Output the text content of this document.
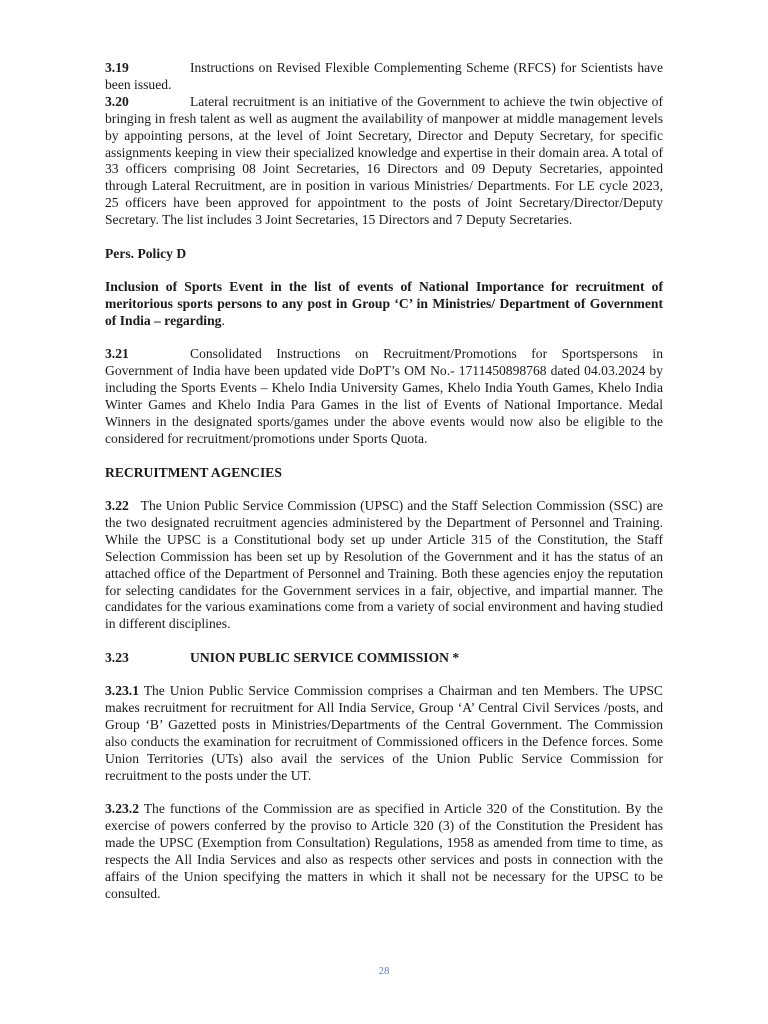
3.19	Instructions on Revised Flexible Complementing Scheme (RFCS) for Scientists have been issued.

3.20	Lateral recruitment is an initiative of the Government to achieve the twin objective of bringing in fresh talent as well as augment the availability of manpower at middle management levels by appointing persons, at the level of Joint Secretary, Director and Deputy Secretary, for specific assignments keeping in view their specialized knowledge and expertise in their domain area. A total of 33 officers comprising 08 Joint Secretaries, 16 Directors and 09 Deputy Secretaries, appointed through Lateral Recruitment, are in position in various Ministries/ Departments. For LE cycle 2023, 25 officers have been approved for appointment to the posts of Joint Secretary/Director/Deputy Secretary. The list includes 3 Joint Secretaries, 15 Directors and 7 Deputy Secretaries.

Pers. Policy D

Inclusion of Sports Event in the list of events of National Importance for recruitment of meritorious sports persons to any post in Group ‘C’ in Ministries/ Department of Government of India – regarding.

3.21	Consolidated Instructions on Recruitment/Promotions for Sportspersons in Government of India have been updated vide DoPT’s OM No.- 1711450898768 dated 04.03.2024 by including the Sports Events – Khelo India University Games, Khelo India Youth Games, Khelo India Winter Games and Khelo India Para Games in the list of Events of National Importance. Medal Winners in the designated sports/games under the above events would now also be eligible to the considered for recruitment/promotions under Sports Quota.

RECRUITMENT AGENCIES

3.22 The Union Public Service Commission (UPSC) and the Staff Selection Commission (SSC) are the two designated recruitment agencies administered by the Department of Personnel and Training. While the UPSC is a Constitutional body set up under Article 315 of the Constitution, the Staff Selection Commission has been set up by Resolution of the Government and it has the status of an attached office of the Department of Personnel and Training. Both these agencies enjoy the reputation for selecting candidates for the Government services in a fair, objective, and impartial manner. The candidates for the various examinations come from a variety of social environment and having studied in different disciplines.

3.23	UNION PUBLIC SERVICE COMMISSION *

3.23.1 The Union Public Service Commission comprises a Chairman and ten Members. The UPSC makes recruitment for recruitment for All India Service, Group ‘A’ Central Civil Services /posts, and Group ‘B’ Gazetted posts in Ministries/Departments of the Central Government. The Commission also conducts the examination for recruitment of Commissioned officers in the Defence forces. Some Union Territories (UTs) also avail the services of the Union Public Service Commission for recruitment to the posts under the UT.

3.23.2 The functions of the Commission are as specified in Article 320 of the Constitution. By the exercise of powers conferred by the proviso to Article 320 (3) of the Constitution the President has made the UPSC (Exemption from Consultation) Regulations, 1958 as amended from time to time, as respects the All India Services and also as respects other services and posts in connection with the affairs of the Union specifying the matters in which it shall not be necessary for the UPSC to be consulted.

28
